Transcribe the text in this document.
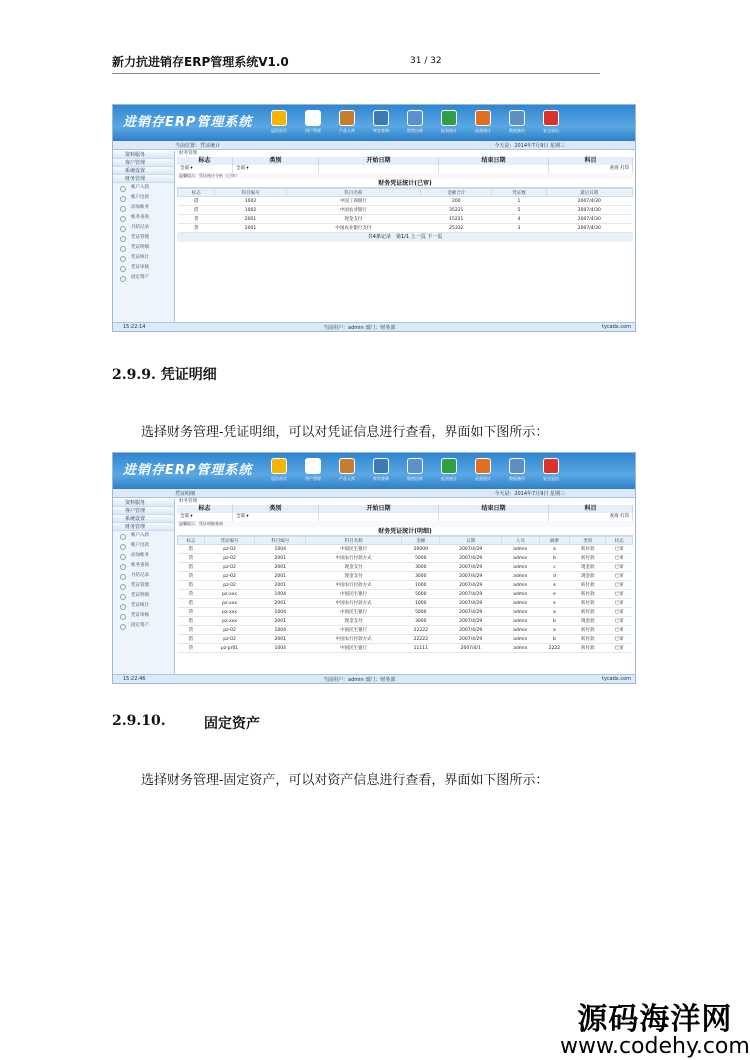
新力抗进销存ERP管理系统V1.0	31 / 32
进销存ERP管理系统
返回首页	用户管理	产品入库	库存查询	销售出库	报表统计	退货统计	数据备份	安全退出
当前位置：凭证统计	今天是：2014年7月9日 星期三
资料服务
客户管理
系统设置
财务管理
帐户入款
帐户出款
添加帐务
帐务查询
月结记录
凭证管理
凭证明细
凭证统计
凭证审核
固定资产
财务管理
标志	类别	开始日期	结束日期	科目
全部 ▾	全部 ▾	查询 打印
温馨提示：凭证统计分析（已审）
财务凭证统计(已审)
标志	科目编号	科目名称	金额合计	凭证数	最后日期
借	1002	中国工商银行	200	1	2007/4/30
借	1002	中国农业银行	35221	5	2007/4/30
贷	2001	现金支付	15221	4	2007/4/30
贷	2001	中国农业银行支付	25332	3	2007/4/30
共4条记录　第1/1 上一页 下一页
15:22:14	当前用户：admin 部门：财务部	tycadx.com
2.9.9. 凭证明细
选择财务管理-凭证明细，可以对凭证信息进行查看，界面如下图所示：
进销存ERP管理系统
返回首页	用户管理	产品入库	库存查询	销售出库	报表统计	退货统计	数据备份	安全退出
凭证明细	今天是：2014年7月9日 星期三
资料服务
客户管理
系统设置
财务管理
帐户入款
帐户出款
添加帐务
帐务查询
月结记录
凭证管理
凭证明细
凭证统计
凭证审核
固定资产
财务管理
标志	类别	开始日期	结束日期	科目
全部 ▾	全部 ▾	查询 打印
温馨提示：凭证明细查询
财务凭证统计(明细)
标志	凭证编号	科目编号	科目名称	金额	日期	人员	摘要	类别	状态
借	pz-02	1004	中国民生银行	20000	2007/4/29	admin	a	转付款	已审
贷	pz-02	2001	中国农行付款方式	5000	2007/4/29	admin	b	转付款	已审
借	pz-02	2001	现金支付	3000	2007/4/29	admin	c	现金款	已审
贷	pz-02	2001	现金支付	3000	2007/4/29	admin	d	现金款	已审
借	pz-02	2001	中国农行付款方式	1000	2007/4/29	admin	e	转付款	已审
贷	pz-xxx	1004	中国民生银行	5000	2007/4/29	admin	e	转付款	已审
借	pz-xxx	2001	中国农行付款方式	1000	2007/4/29	admin	e	转付款	已审
贷	pz-xxx	1004	中国民生银行	5000	2007/4/29	admin	a	转付款	已审
借	pz-xxx	2001	现金支付	3000	2007/4/29	admin	b	现金款	已审
贷	pz-02	1004	中国民生银行	22222	2007/4/29	admin	a	转付款	已审
借	pz-02	2001	中国农行付款方式	22222	2007/4/29	admin	b	转付款	已审
贷	pz-pr01	1004	中国民生银行	11111	2007/4/1	admin	2222	转付款	已审
15:22:46	当前用户：admin 部门：财务部	tycadx.com
2.9.10.	固定资产
选择财务管理-固定资产，可以对资产信息进行查看，界面如下图所示：
源码海洋网
www.codehy.com
